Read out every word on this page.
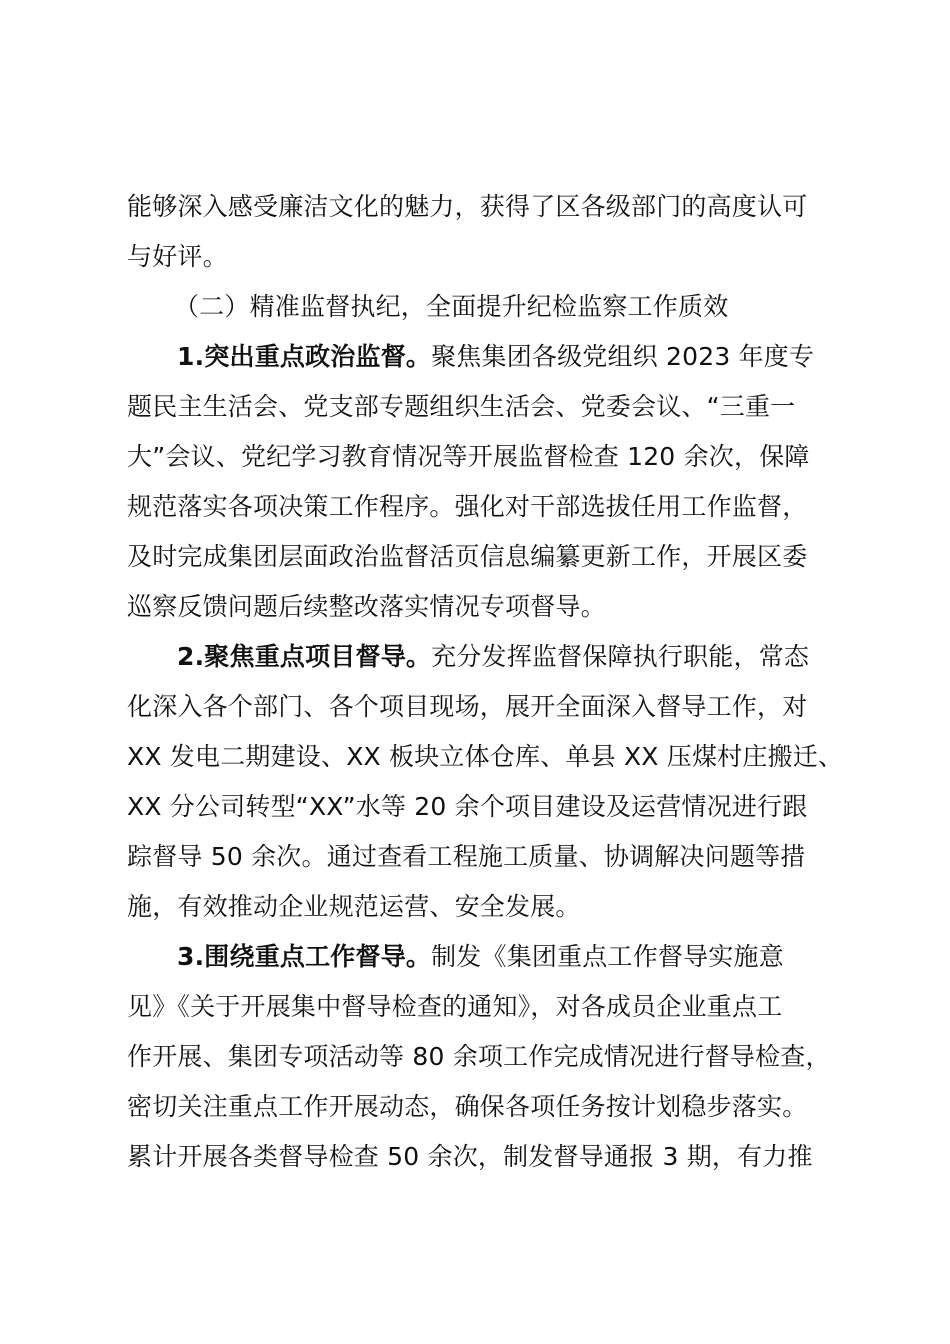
能够深入感受廉洁文化的魅力，获得了区各级部门的高度认可
与好评。
（二）精准监督执纪，全面提升纪检监察工作质效
1.突出重点政治监督。聚焦集团各级党组织 2023 年度专
题民主生活会、党支部专题组织生活会、党委会议、“三重一
大”会议、党纪学习教育情况等开展监督检查 120 余次，保障
规范落实各项决策工作程序。强化对干部选拔任用工作监督，
及时完成集团层面政治监督活页信息编纂更新工作，开展区委
巡察反馈问题后续整改落实情况专项督导。
2.聚焦重点项目督导。充分发挥监督保障执行职能，常态
化深入各个部门、各个项目现场，展开全面深入督导工作，对
XX 发电二期建设、XX 板块立体仓库、单县 XX 压煤村庄搬迁、
XX 分公司转型“XX”水等 20 余个项目建设及运营情况进行跟
踪督导 50 余次。通过查看工程施工质量、协调解决问题等措
施，有效推动企业规范运营、安全发展。
3.围绕重点工作督导。制发《集团重点工作督导实施意
见》《关于开展集中督导检查的通知》，对各成员企业重点工
作开展、集团专项活动等 80 余项工作完成情况进行督导检查，
密切关注重点工作开展动态，确保各项任务按计划稳步落实。
累计开展各类督导检查 50 余次，制发督导通报 3 期，有力推
